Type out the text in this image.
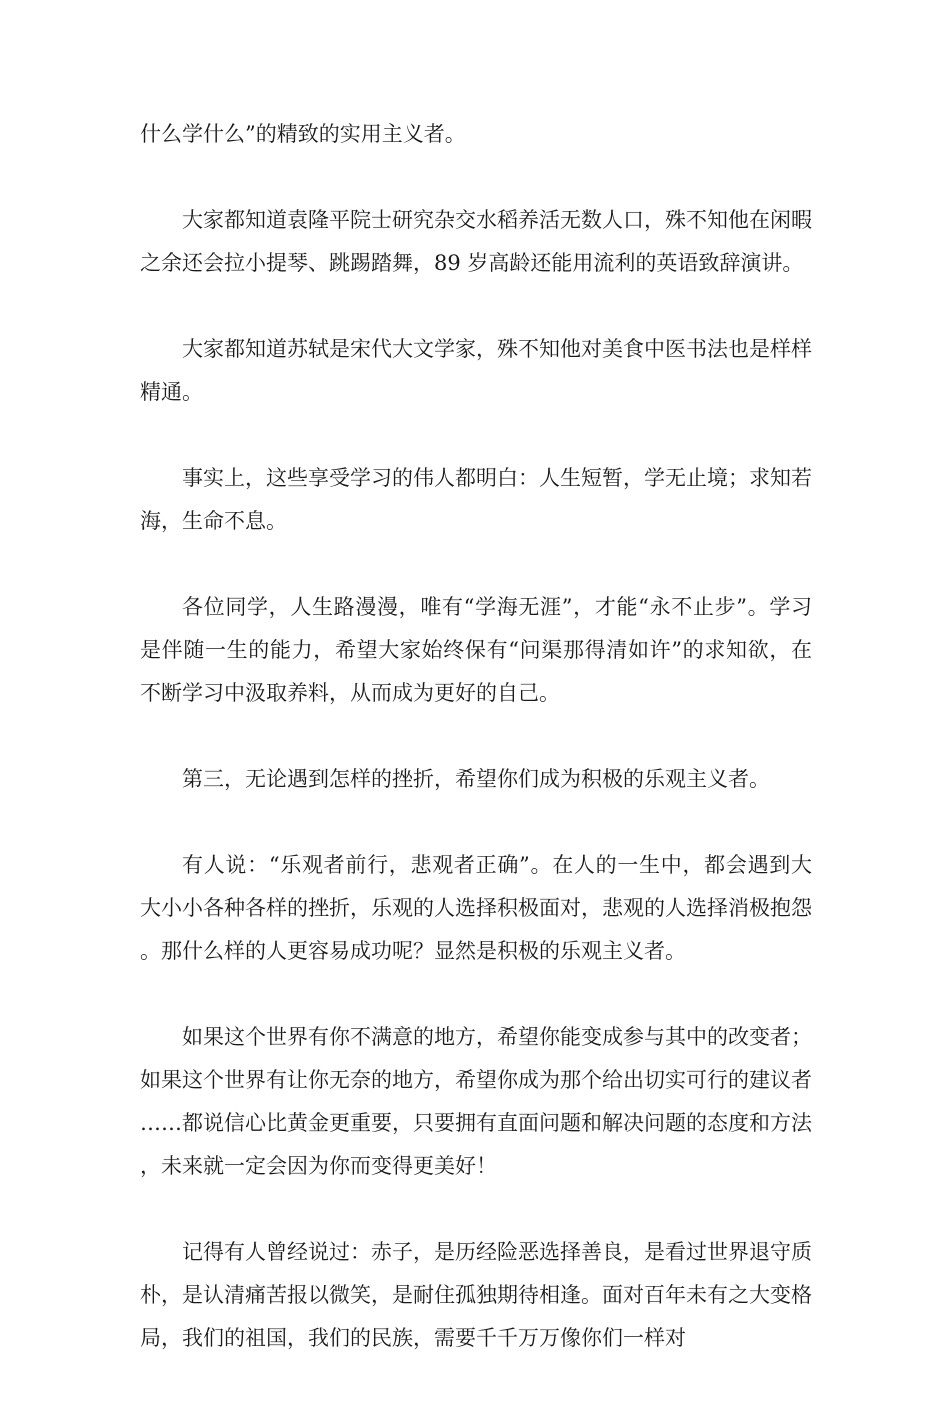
什么学什么”的精致的实用主义者。

大家都知道袁隆平院士研究杂交水稻养活无数人口，殊不知他在闲暇之余还会拉小提琴、跳踢踏舞，89 岁高龄还能用流利的英语致辞演讲。

大家都知道苏轼是宋代大文学家，殊不知他对美食中医书法也是样样精通。

事实上，这些享受学习的伟人都明白：人生短暂，学无止境；求知若海，生命不息。

各位同学，人生路漫漫，唯有“学海无涯”，才能“永不止步”。学习是伴随一生的能力，希望大家始终保有“问渠那得清如许”的求知欲，在不断学习中汲取养料，从而成为更好的自己。

第三，无论遇到怎样的挫折，希望你们成为积极的乐观主义者。

有人说：“乐观者前行，悲观者正确”。在人的一生中，都会遇到大大小小各种各样的挫折，乐观的人选择积极面对，悲观的人选择消极抱怨。那什么样的人更容易成功呢？显然是积极的乐观主义者。

如果这个世界有你不满意的地方，希望你能变成参与其中的改变者；如果这个世界有让你无奈的地方，希望你成为那个给出切实可行的建议者……都说信心比黄金更重要，只要拥有直面问题和解决问题的态度和方法，未来就一定会因为你而变得更美好！

记得有人曾经说过：赤子，是历经险恶选择善良，是看过世界退守质朴，是认清痛苦报以微笑，是耐住孤独期待相逢。面对百年未有之大变格局，我们的祖国，我们的民族，需要千千万万像你们一样对
